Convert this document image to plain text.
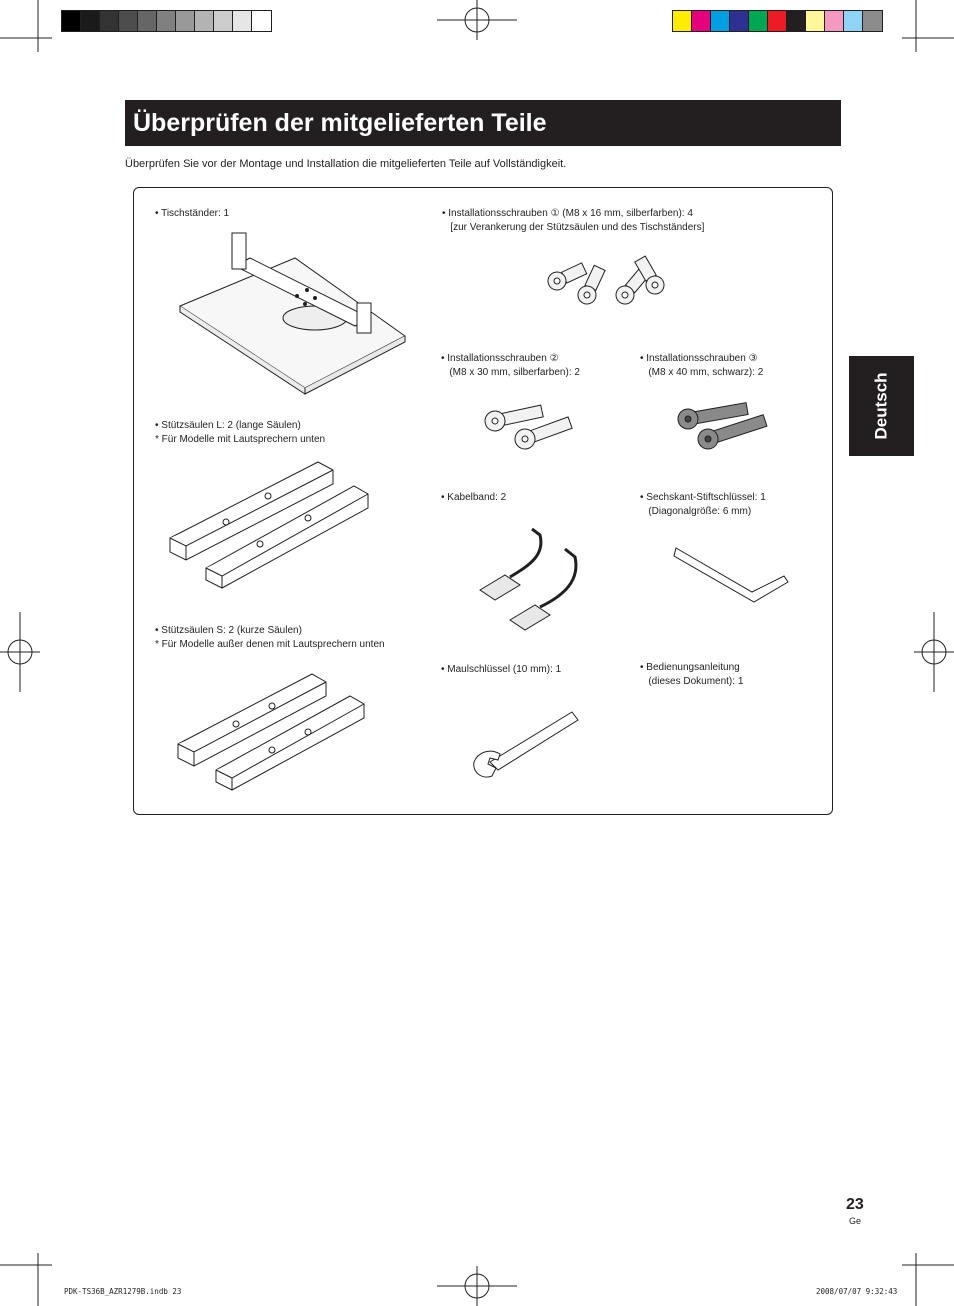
Überprüfen der mitgelieferten Teile
Überprüfen Sie vor der Montage und Installation die mitgelieferten Teile auf Vollständigkeit.
• Tischständer: 1	• Installationsschrauben ① (M8 x 16 mm, silberfarben): 4
[zur Verankerung der Stützsäulen und des Tischständers]
• Installationsschrauben ②
(M8 x 30 mm, silberfarben): 2
• Installationsschrauben ③
(M8 x 40 mm, schwarz): 2
• Stützsäulen L: 2 (lange Säulen)
* Für Modelle mit Lautsprechern unten
• Kabelband: 2	• Sechskant-Stiftschlüssel: 1
(Diagonalgröße: 6 mm)
• Stützsäulen S: 2 (kurze Säulen)
* Für Modelle außer denen mit Lautsprechern unten
• Maulschlüssel (10 mm): 1	• Bedienungsanleitung
(dieses Dokument): 1
Deutsch
23
Ge
PDK-TS36B_AZR1279B.indb 23	2008/07/07 9:32:43
